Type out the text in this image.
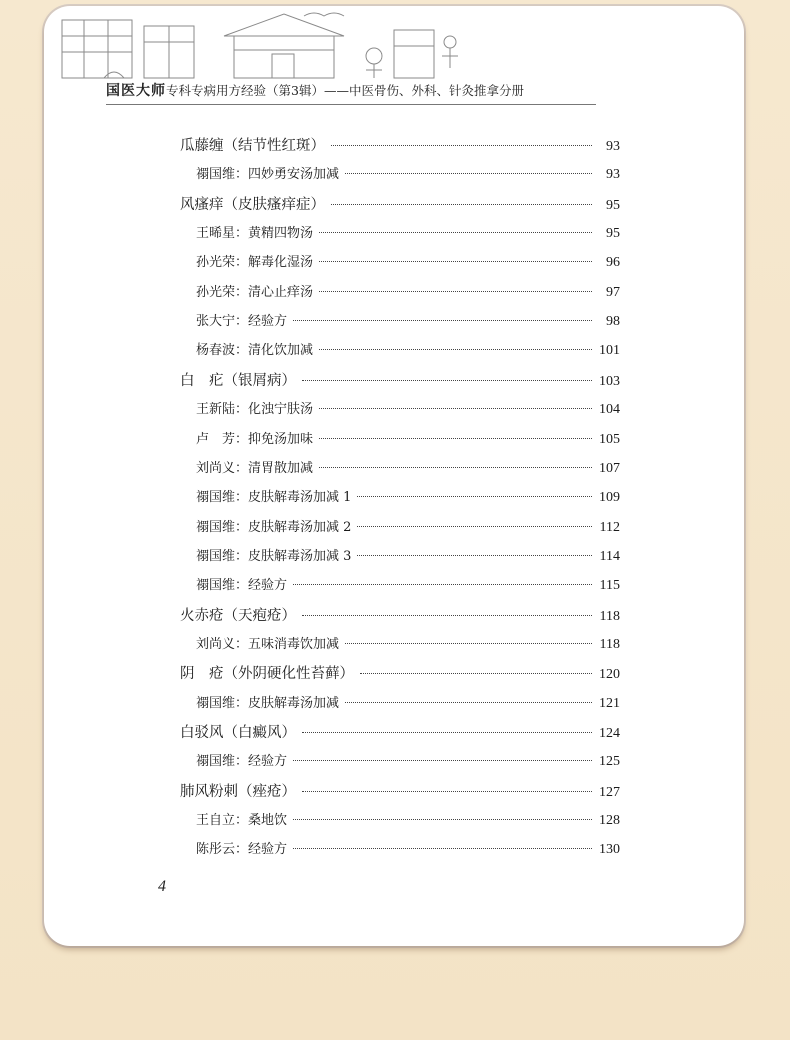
国医大师专科专病用方经验（第3辑）——中医骨伤、外科、针灸推拿分册
瓜藤缠（结节性红斑）	93
禤国维：四妙勇安汤加减	93
风瘙痒（皮肤瘙痒症）	95
王晞星：黄精四物汤	95
孙光荣：解毒化湿汤	96
孙光荣：清心止痒汤	97
张大宁：经验方	98
杨春波：清化饮加减	101
白　疕（银屑病）	103
王新陆：化浊宁肤汤	104
卢　芳：抑免汤加味	105
刘尚义：清胃散加减	107
禤国维：皮肤解毒汤加减 1	109
禤国维：皮肤解毒汤加减 2	112
禤国维：皮肤解毒汤加减 3	114
禤国维：经验方	115
火赤疮（天疱疮）	118
刘尚义：五味消毒饮加减	118
阴　疮（外阴硬化性苔藓）	120
禤国维：皮肤解毒汤加减	121
白驳风（白癜风）	124
禤国维：经验方	125
肺风粉刺（痤疮）	127
王自立：桑地饮	128
陈彤云：经验方	130
4
